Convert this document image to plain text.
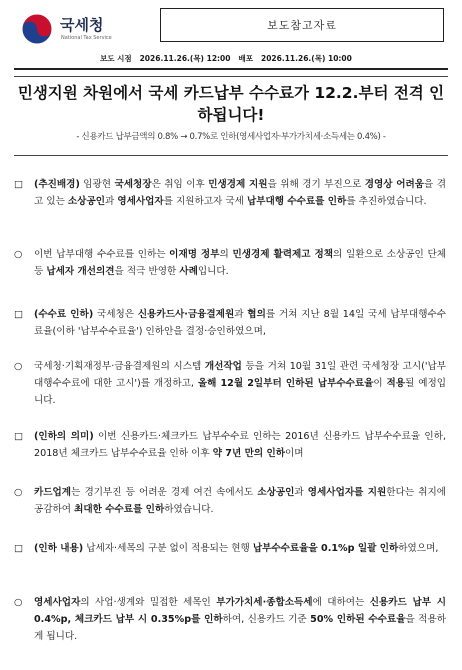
국세청
National Tax Service
보도참고자료
보도 시점 2026.11.26.(목) 12:00 배포 2026.11.26.(목) 10:00
민생지원 차원에서 국세 카드납부 수수료가 12.2.부터 전격 인하됩니다!
- 신용카드 납부금액의 0.8% → 0.7%로 인하(영세사업자·부가가치세·소득세는 0.4%) -
□ (추진배경) 임광현 국세청장은 취임 이후 민생경제 지원을 위해 경기 부진으로 경영상 어려움을 겪고 있는 소상공인과 영세사업자를 지원하고자 국세 납부대행 수수료를 인하를 추진하였습니다.
○ 이번 납부대행 수수료를 인하는 이재명 정부의 민생경제 활력제고 정책의 일환으로 소상공인 단체 등 납세자 개선의견을 적극 반영한 사례입니다.
□ (수수료 인하) 국세청은 신용카드사·금융결제원과 협의를 거쳐 지난 8월 14일 국세 납부대행수수료율(이하 '납부수수료율') 인하안을 결정·승인하였으며,
○ 국세청·기획재정부·금융결제원의 시스템 개선작업 등을 거쳐 10월 31일 관련 국세청장 고시('납부대행수수료에 대한 고시')를 개정하고, 올해 12월 2일부터 인하된 납부수수료율이 적용될 예정입니다.
□ (인하의 의미) 이번 신용카드·체크카드 납부수수료 인하는 2016년 신용카드 납부수수료율 인하, 2018년 체크카드 납부수수료율 인하 이후 약 7년 만의 인하이며
○ 카드업계는 경기부진 등 어려운 경제 여건 속에서도 소상공인과 영세사업자를 지원한다는 취지에 공감하여 최대한 수수료를 인하하였습니다.
□ (인하 내용) 납세자·세목의 구분 없이 적용되는 현행 납부수수료율을 0.1%p 일괄 인하하였으며,
○ 영세사업자의 사업·생계와 밀접한 세목인 부가가치세·종합소득세에 대하여는 신용카드 납부 시 0.4%p, 체크카드 납부 시 0.35%p를 인하하여, 신용카드 기준 50% 인하된 수수료율을 적용하게 됩니다.
